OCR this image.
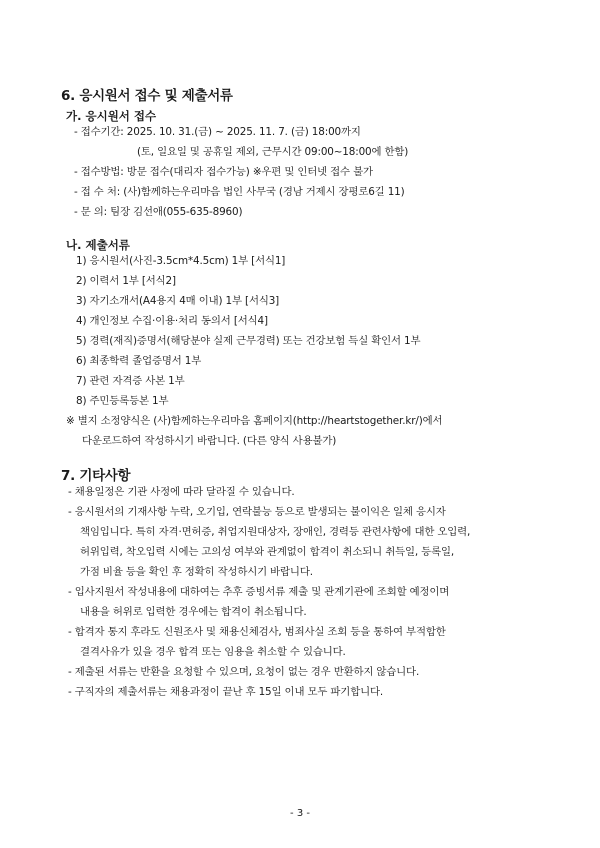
6. 응시원서 접수 및 제출서류
가. 응시원서 접수
- 접수기간: 2025. 10. 31.(금) ~ 2025. 11. 7. (금) 18:00까지
(토, 일요일 및 공휴일 제외, 근무시간 09:00~18:00에 한함)
- 접수방법: 방문 접수(대리자 접수가능) ※우편 및 인터넷 접수 불가
- 접 수 처: (사)함께하는우리마음 법인 사무국 (경남 거제시 장평로6길 11)
- 문 의: 팀장 김선애(055-635-8960)
나. 제출서류
1) 응시원서(사진-3.5cm*4.5cm) 1부 [서식1]
2) 이력서 1부 [서식2]
3) 자기소개서(A4용지 4매 이내) 1부 [서식3]
4) 개인정보 수집·이용·처리 동의서 [서식4]
5) 경력(재직)증명서(해당분야 실제 근무경력) 또는 건강보험 득실 확인서 1부
6) 최종학력 졸업증명서 1부
7) 관련 자격증 사본 1부
8) 주민등록등본 1부
※ 별지 소정양식은 (사)함께하는우리마음 홈페이지(http://heartstogether.kr/)에서
다운로드하여 작성하시기 바랍니다. (다른 양식 사용불가)
7. 기타사항
- 채용일정은 기관 사정에 따라 달라질 수 있습니다.
- 응시원서의 기재사항 누락, 오기입, 연락불능 등으로 발생되는 불이익은 일체 응시자
책임입니다. 특히 자격·면허증, 취업지원대상자, 장애인, 경력등 관련사항에 대한 오입력,
허위입력, 착오입력 시에는 고의성 여부와 관계없이 합격이 취소되니 취득일, 등록일,
가점 비율 등을 확인 후 정확히 작성하시기 바랍니다.
- 입사지원서 작성내용에 대하여는 추후 증빙서류 제출 및 관계기관에 조회할 예정이며
내용을 허위로 입력한 경우에는 합격이 취소됩니다.
- 합격자 통지 후라도 신원조사 및 채용신체검사, 범죄사실 조회 등을 통하여 부적합한
결격사유가 있을 경우 합격 또는 임용을 취소할 수 있습니다.
- 제출된 서류는 반환을 요청할 수 있으며, 요청이 없는 경우 반환하지 않습니다.
- 구직자의 제출서류는 채용과정이 끝난 후 15일 이내 모두 파기합니다.
- 3 -
